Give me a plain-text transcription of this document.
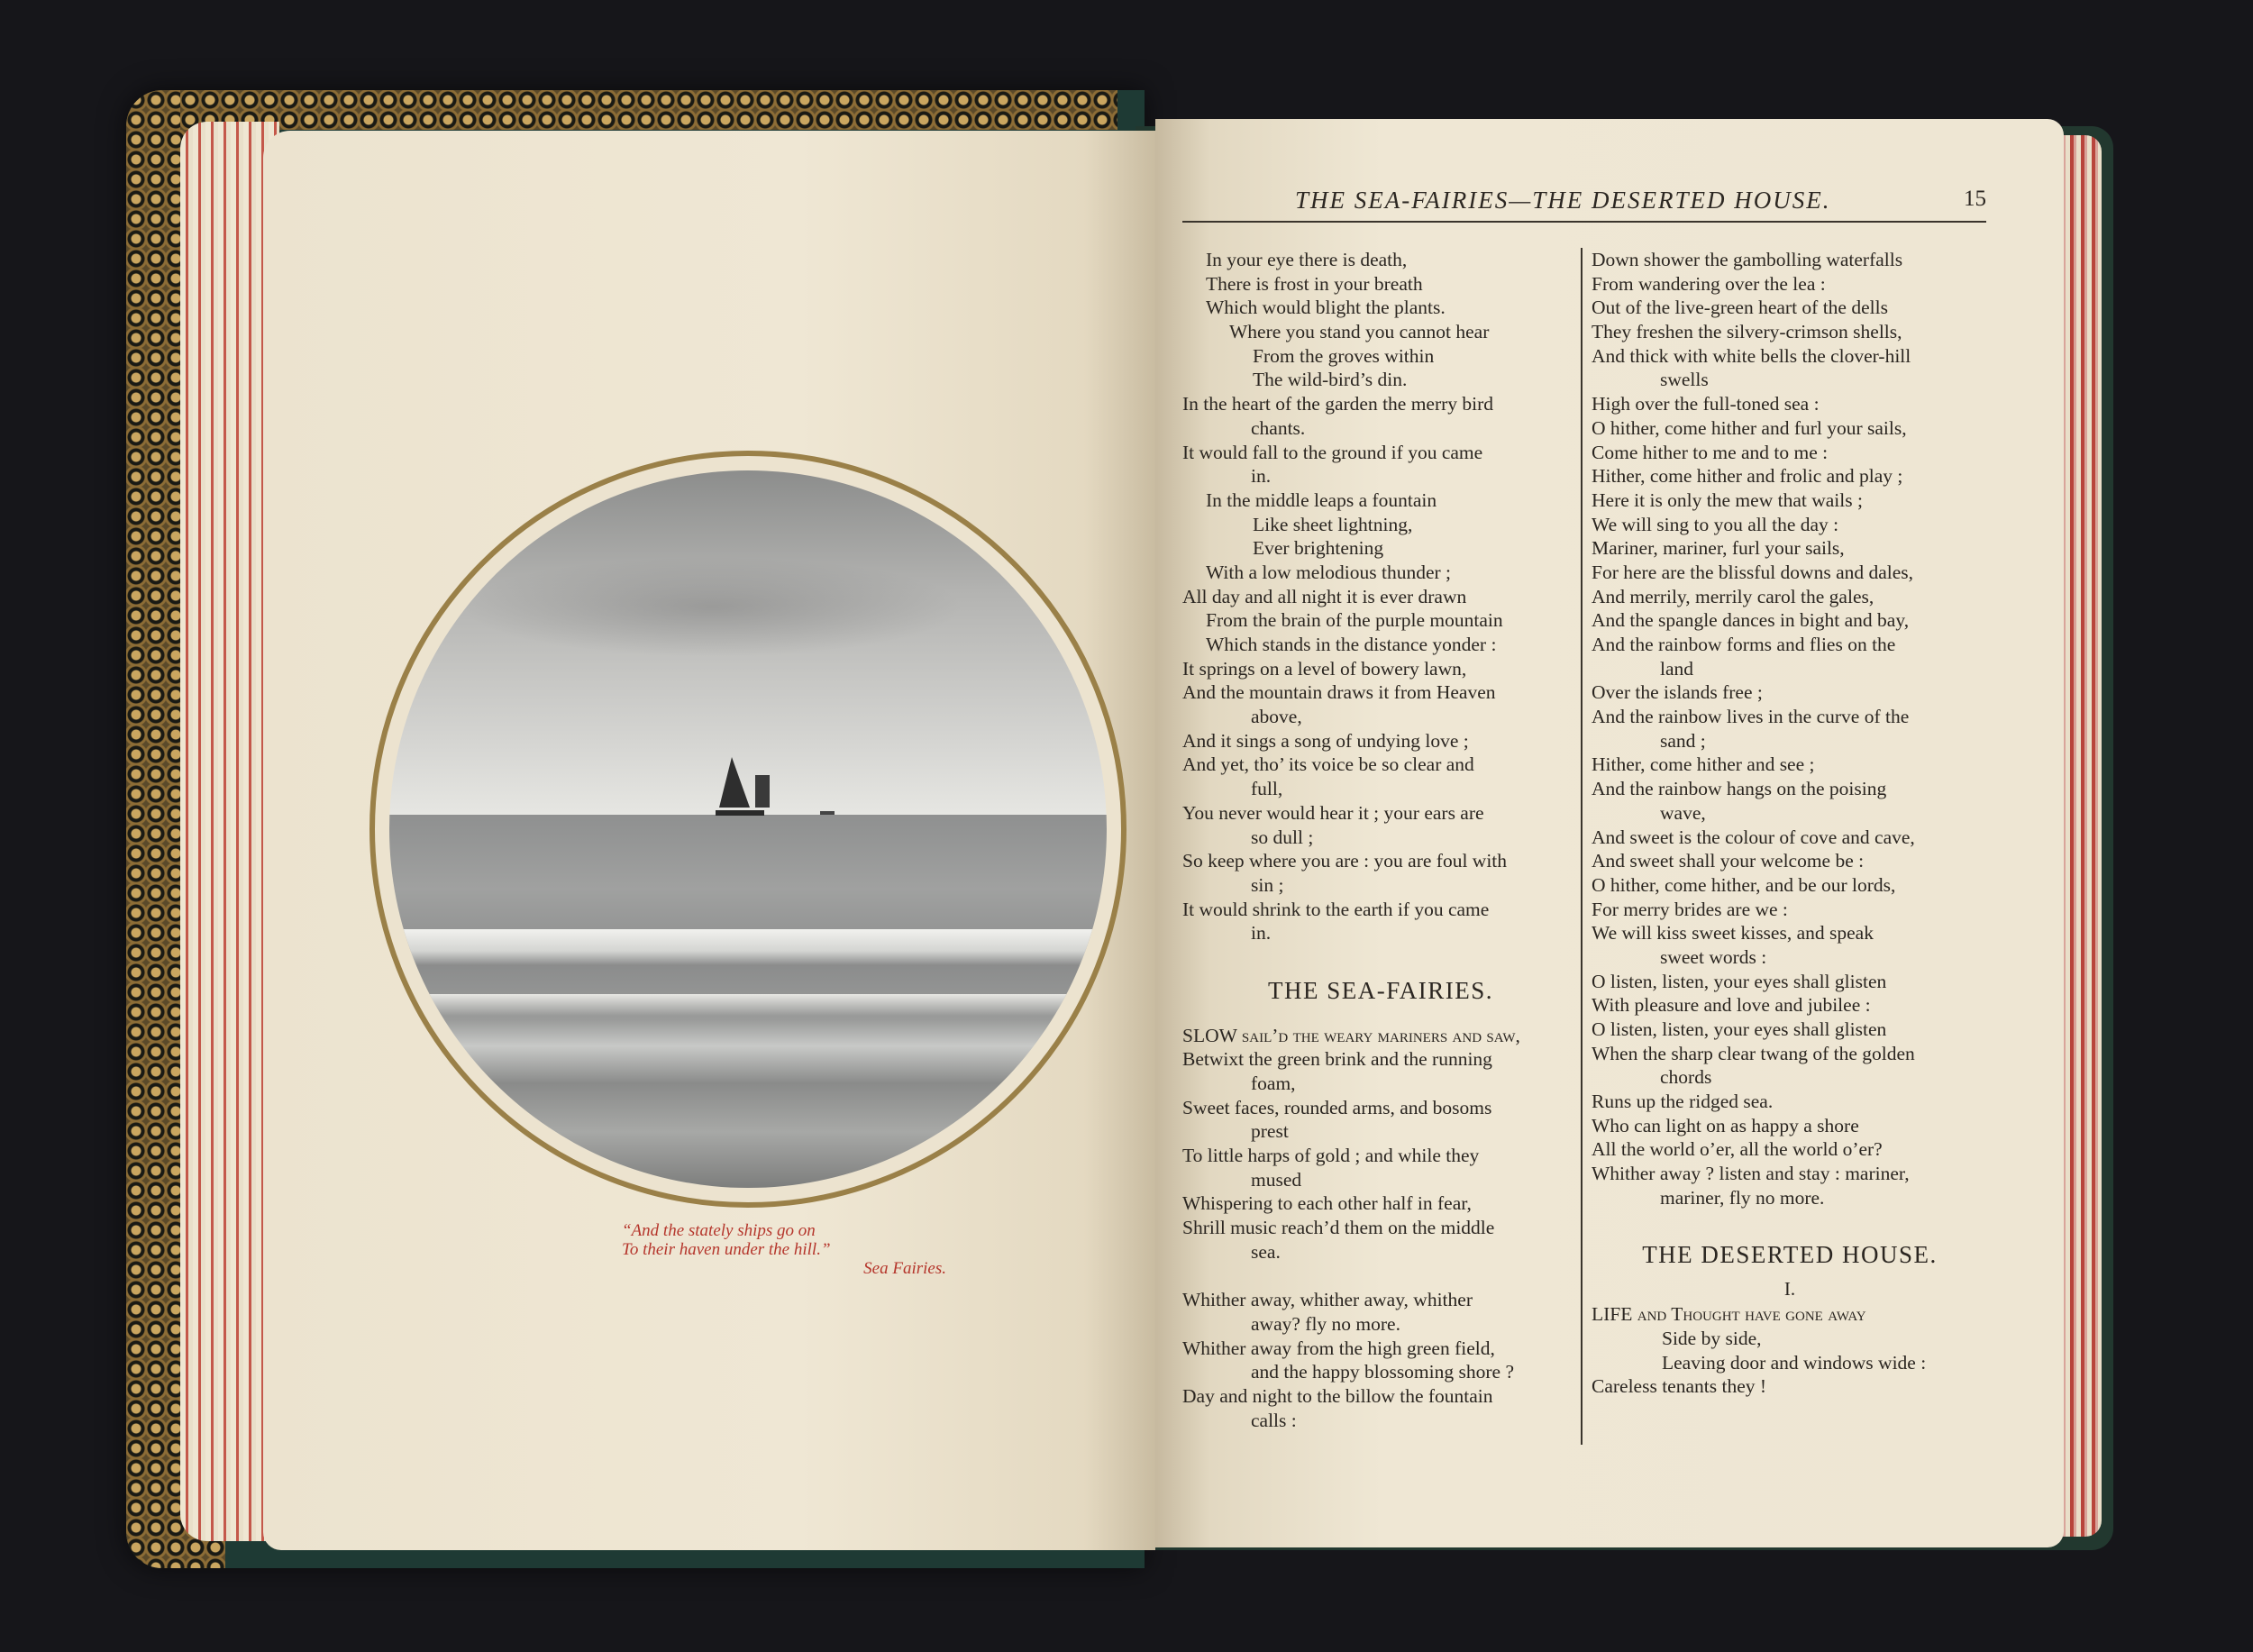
“And the stately ships go on
To their haven under the hill.”
Sea Fairies.
THE SEA-FAIRIES—THE DESERTED HOUSE.	15
In your eye there is death,
There is frost in your breath
Which would blight the plants.
Where you stand you cannot hear
From the groves within
The wild-bird’s din.
In the heart of the garden the merry bird
chants.
It would fall to the ground if you came
in.
In the middle leaps a fountain
Like sheet lightning,
Ever brightening
With a low melodious thunder ;
All day and all night it is ever drawn
From the brain of the purple mountain
Which stands in the distance yonder :
It springs on a level of bowery lawn,
And the mountain draws it from Heaven
above,
And it sings a song of undying love ;
And yet, tho’ its voice be so clear and
full,
You never would hear it ; your ears are
so dull ;
So keep where you are : you are foul with
sin ;
It would shrink to the earth if you came
in.
THE SEA-FAIRIES.
SLOW sail’d the weary mariners and saw,
Betwixt the green brink and the running
foam,
Sweet faces, rounded arms, and bosoms
prest
To little harps of gold ; and while they
mused
Whispering to each other half in fear,
Shrill music reach’d them on the middle
sea.
Whither away, whither away, whither
away? fly no more.
Whither away from the high green field,
and the happy blossoming shore ?
Day and night to the billow the fountain
calls :
Down shower the gambolling waterfalls
From wandering over the lea :
Out of the live-green heart of the dells
They freshen the silvery-crimson shells,
And thick with white bells the clover-hill
swells
High over the full-toned sea :
O hither, come hither and furl your sails,
Come hither to me and to me :
Hither, come hither and frolic and play ;
Here it is only the mew that wails ;
We will sing to you all the day :
Mariner, mariner, furl your sails,
For here are the blissful downs and dales,
And merrily, merrily carol the gales,
And the spangle dances in bight and bay,
And the rainbow forms and flies on the
land
Over the islands free ;
And the rainbow lives in the curve of the
sand ;
Hither, come hither and see ;
And the rainbow hangs on the poising
wave,
And sweet is the colour of cove and cave,
And sweet shall your welcome be :
O hither, come hither, and be our lords,
For merry brides are we :
We will kiss sweet kisses, and speak
sweet words :
O listen, listen, your eyes shall glisten
With pleasure and love and jubilee :
O listen, listen, your eyes shall glisten
When the sharp clear twang of the golden
chords
Runs up the ridged sea.
Who can light on as happy a shore
All the world o’er, all the world o’er?
Whither away ? listen and stay : mariner,
mariner, fly no more.
THE DESERTED HOUSE.
I.
LIFE and Thought have gone away
Side by side,
Leaving door and windows wide :
Careless tenants they !
